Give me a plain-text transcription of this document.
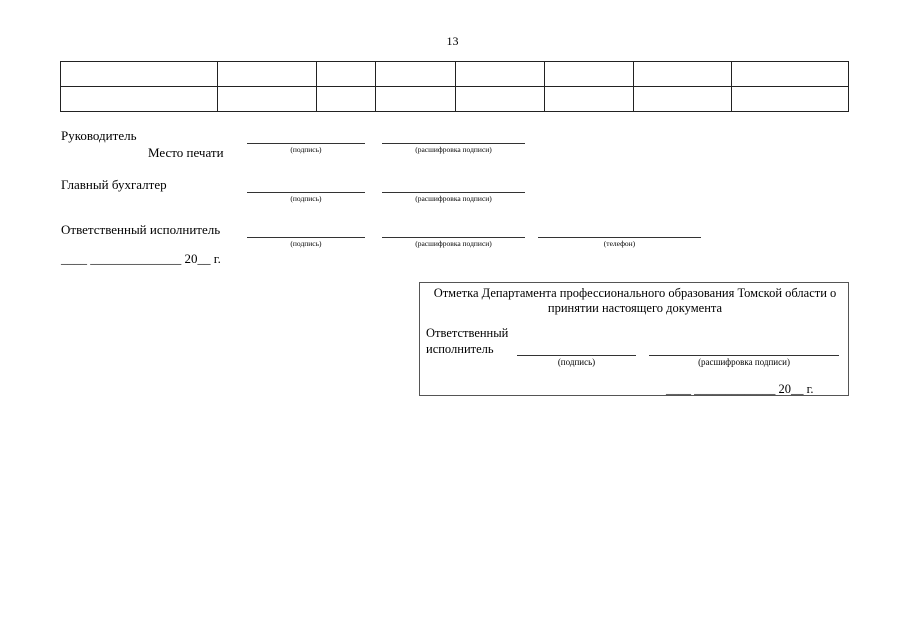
13

Руководитель
Место печати	(подпись)	(расшифровка подписи)
Главный бухгалтер
(подпись)	(расшифровка подписи)
Ответственный исполнитель
(подпись)	(расшифровка подписи)	(телефон)
____ ______________ 20__ г.
Отметка Департамента профессионального образования Томской области о
принятии настоящего документа
Ответственный
исполнитель
(подпись)	(расшифровка подписи)
____ _____________ 20__ г.
